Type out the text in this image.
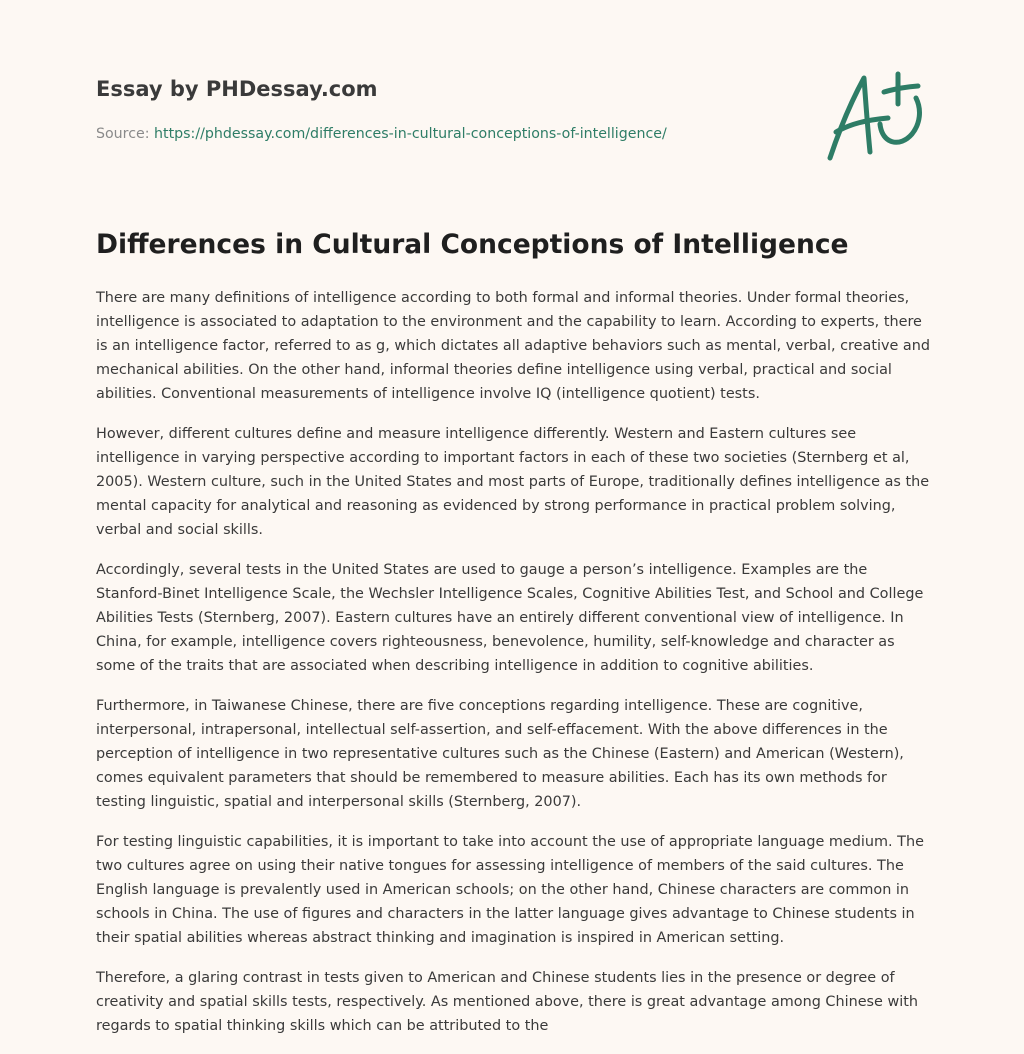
Essay by PHDessay.com
Source: https://phdessay.com/differences-in-cultural-conceptions-of-intelligence/
Differences in Cultural Conceptions of Intelligence

There are many definitions of intelligence according to both formal and informal theories. Under formal theories, intelligence is associated to adaptation to the environment and the capability to learn. According to experts, there is an intelligence factor, referred to as g, which dictates all adaptive behaviors such as mental, verbal, creative and mechanical abilities. On the other hand, informal theories define intelligence using verbal, practical and social abilities. Conventional measurements of intelligence involve IQ (intelligence quotient) tests.

However, different cultures define and measure intelligence differently. Western and Eastern cultures see intelligence in varying perspective according to important factors in each of these two societies (Sternberg et al, 2005). Western culture, such in the United States and most parts of Europe, traditionally defines intelligence as the mental capacity for analytical and reasoning as evidenced by strong performance in practical problem solving, verbal and social skills.

Accordingly, several tests in the United States are used to gauge a person’s intelligence. Examples are the Stanford-Binet Intelligence Scale, the Wechsler Intelligence Scales, Cognitive Abilities Test, and School and College Abilities Tests (Sternberg, 2007). Eastern cultures have an entirely different conventional view of intelligence. In China, for example, intelligence covers righteousness, benevolence, humility, self-knowledge and character as some of the traits that are associated when describing intelligence in addition to cognitive abilities.

Furthermore, in Taiwanese Chinese, there are five conceptions regarding intelligence. These are cognitive, interpersonal, intrapersonal, intellectual self-assertion, and self-effacement. With the above differences in the perception of intelligence in two representative cultures such as the Chinese (Eastern) and American (Western), comes equivalent parameters that should be remembered to measure abilities. Each has its own methods for testing linguistic, spatial and interpersonal skills (Sternberg, 2007).

For testing linguistic capabilities, it is important to take into account the use of appropriate language medium. The two cultures agree on using their native tongues for assessing intelligence of members of the said cultures. The English language is prevalently used in American schools; on the other hand, Chinese characters are common in schools in China. The use of figures and characters in the latter language gives advantage to Chinese students in their spatial abilities whereas abstract thinking and imagination is inspired in American setting.

Therefore, a glaring contrast in tests given to American and Chinese students lies in the presence or degree of creativity and spatial skills tests, respectively. As mentioned above, there is great advantage among Chinese with regards to spatial thinking skills which can be attributed to the
